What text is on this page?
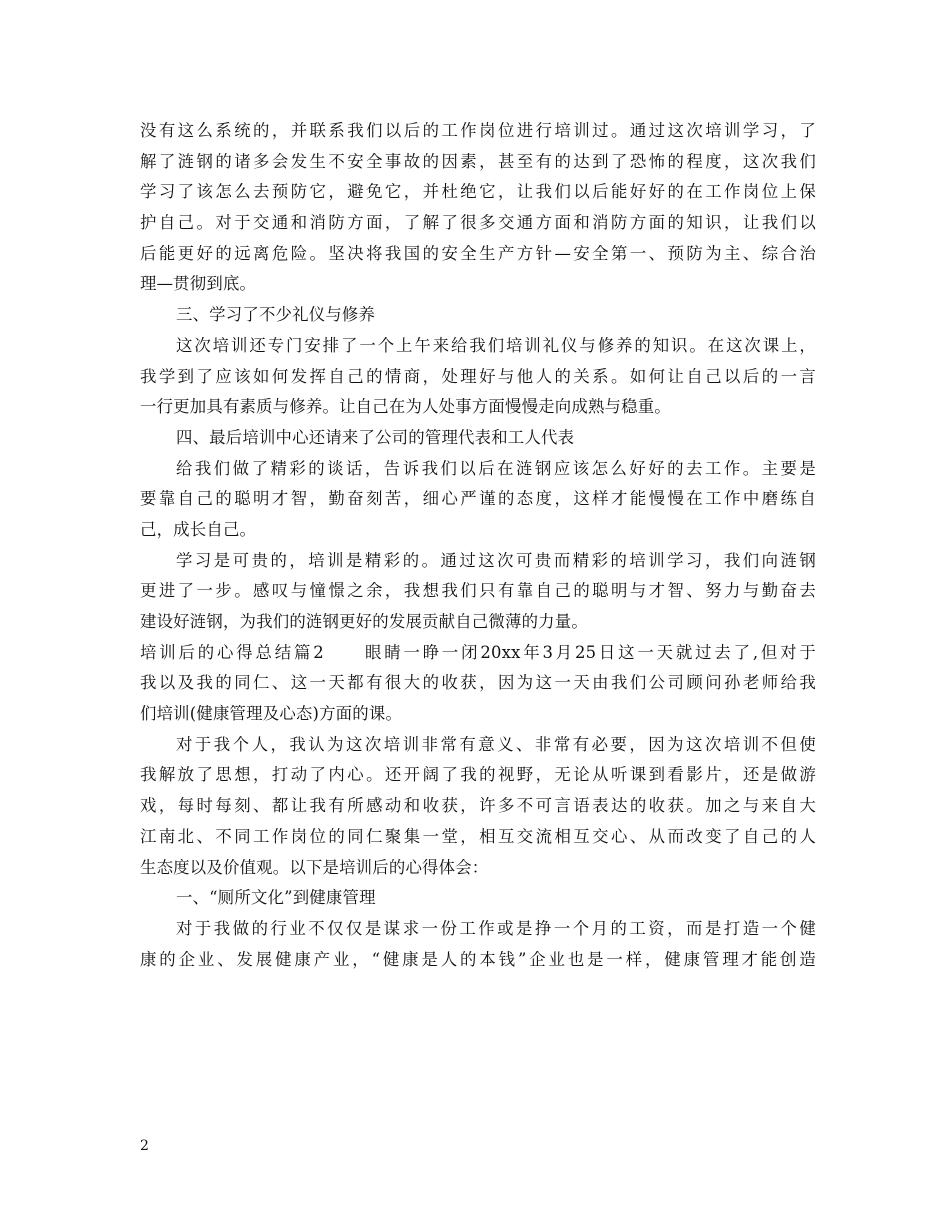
没有这么系统的，并联系我们以后的工作岗位进行培训过。通过这次培训学习，了
解了涟钢的诸多会发生不安全事故的因素，甚至有的达到了恐怖的程度，这次我们
学习了该怎么去预防它，避免它，并杜绝它，让我们以后能好好的在工作岗位上保
护自己。对于交通和消防方面，了解了很多交通方面和消防方面的知识，让我们以
后能更好的远离危险。坚决将我国的安全生产方针—安全第一、预防为主、综合治
理—贯彻到底。
三、学习了不少礼仪与修养
这次培训还专门安排了一个上午来给我们培训礼仪与修养的知识。在这次课上，
我学到了应该如何发挥自己的情商，处理好与他人的关系。如何让自己以后的一言
一行更加具有素质与修养。让自己在为人处事方面慢慢走向成熟与稳重。
四、最后培训中心还请来了公司的管理代表和工人代表
给我们做了精彩的谈话，告诉我们以后在涟钢应该怎么好好的去工作。主要是
要靠自己的聪明才智，勤奋刻苦，细心严谨的态度，这样才能慢慢在工作中磨练自
己，成长自己。
学习是可贵的，培训是精彩的。通过这次可贵而精彩的培训学习，我们向涟钢
更进了一步。感叹与憧憬之余，我想我们只有靠自己的聪明与才智、努力与勤奋去
建设好涟钢，为我们的涟钢更好的发展贡献自己微薄的力量。
培训后的心得总结篇2　　眼睛一睁一闭20xx年3月25日这一天就过去了,但对于
我以及我的同仁、这一天都有很大的收获，因为这一天由我们公司顾问孙老师给我
们培训(健康管理及心态)方面的课。
对于我个人，我认为这次培训非常有意义、非常有必要，因为这次培训不但使
我解放了思想，打动了内心。还开阔了我的视野，无论从听课到看影片，还是做游
戏，每时每刻、都让我有所感动和收获，许多不可言语表达的收获。加之与来自大
江南北、不同工作岗位的同仁聚集一堂，相互交流相互交心、从而改变了自己的人
生态度以及价值观。以下是培训后的心得体会：
一、“厕所文化”到健康管理
对于我做的行业不仅仅是谋求一份工作或是挣一个月的工资，而是打造一个健
康的企业、发展健康产业，“健康是人的本钱”企业也是一样，健康管理才能创造
2
